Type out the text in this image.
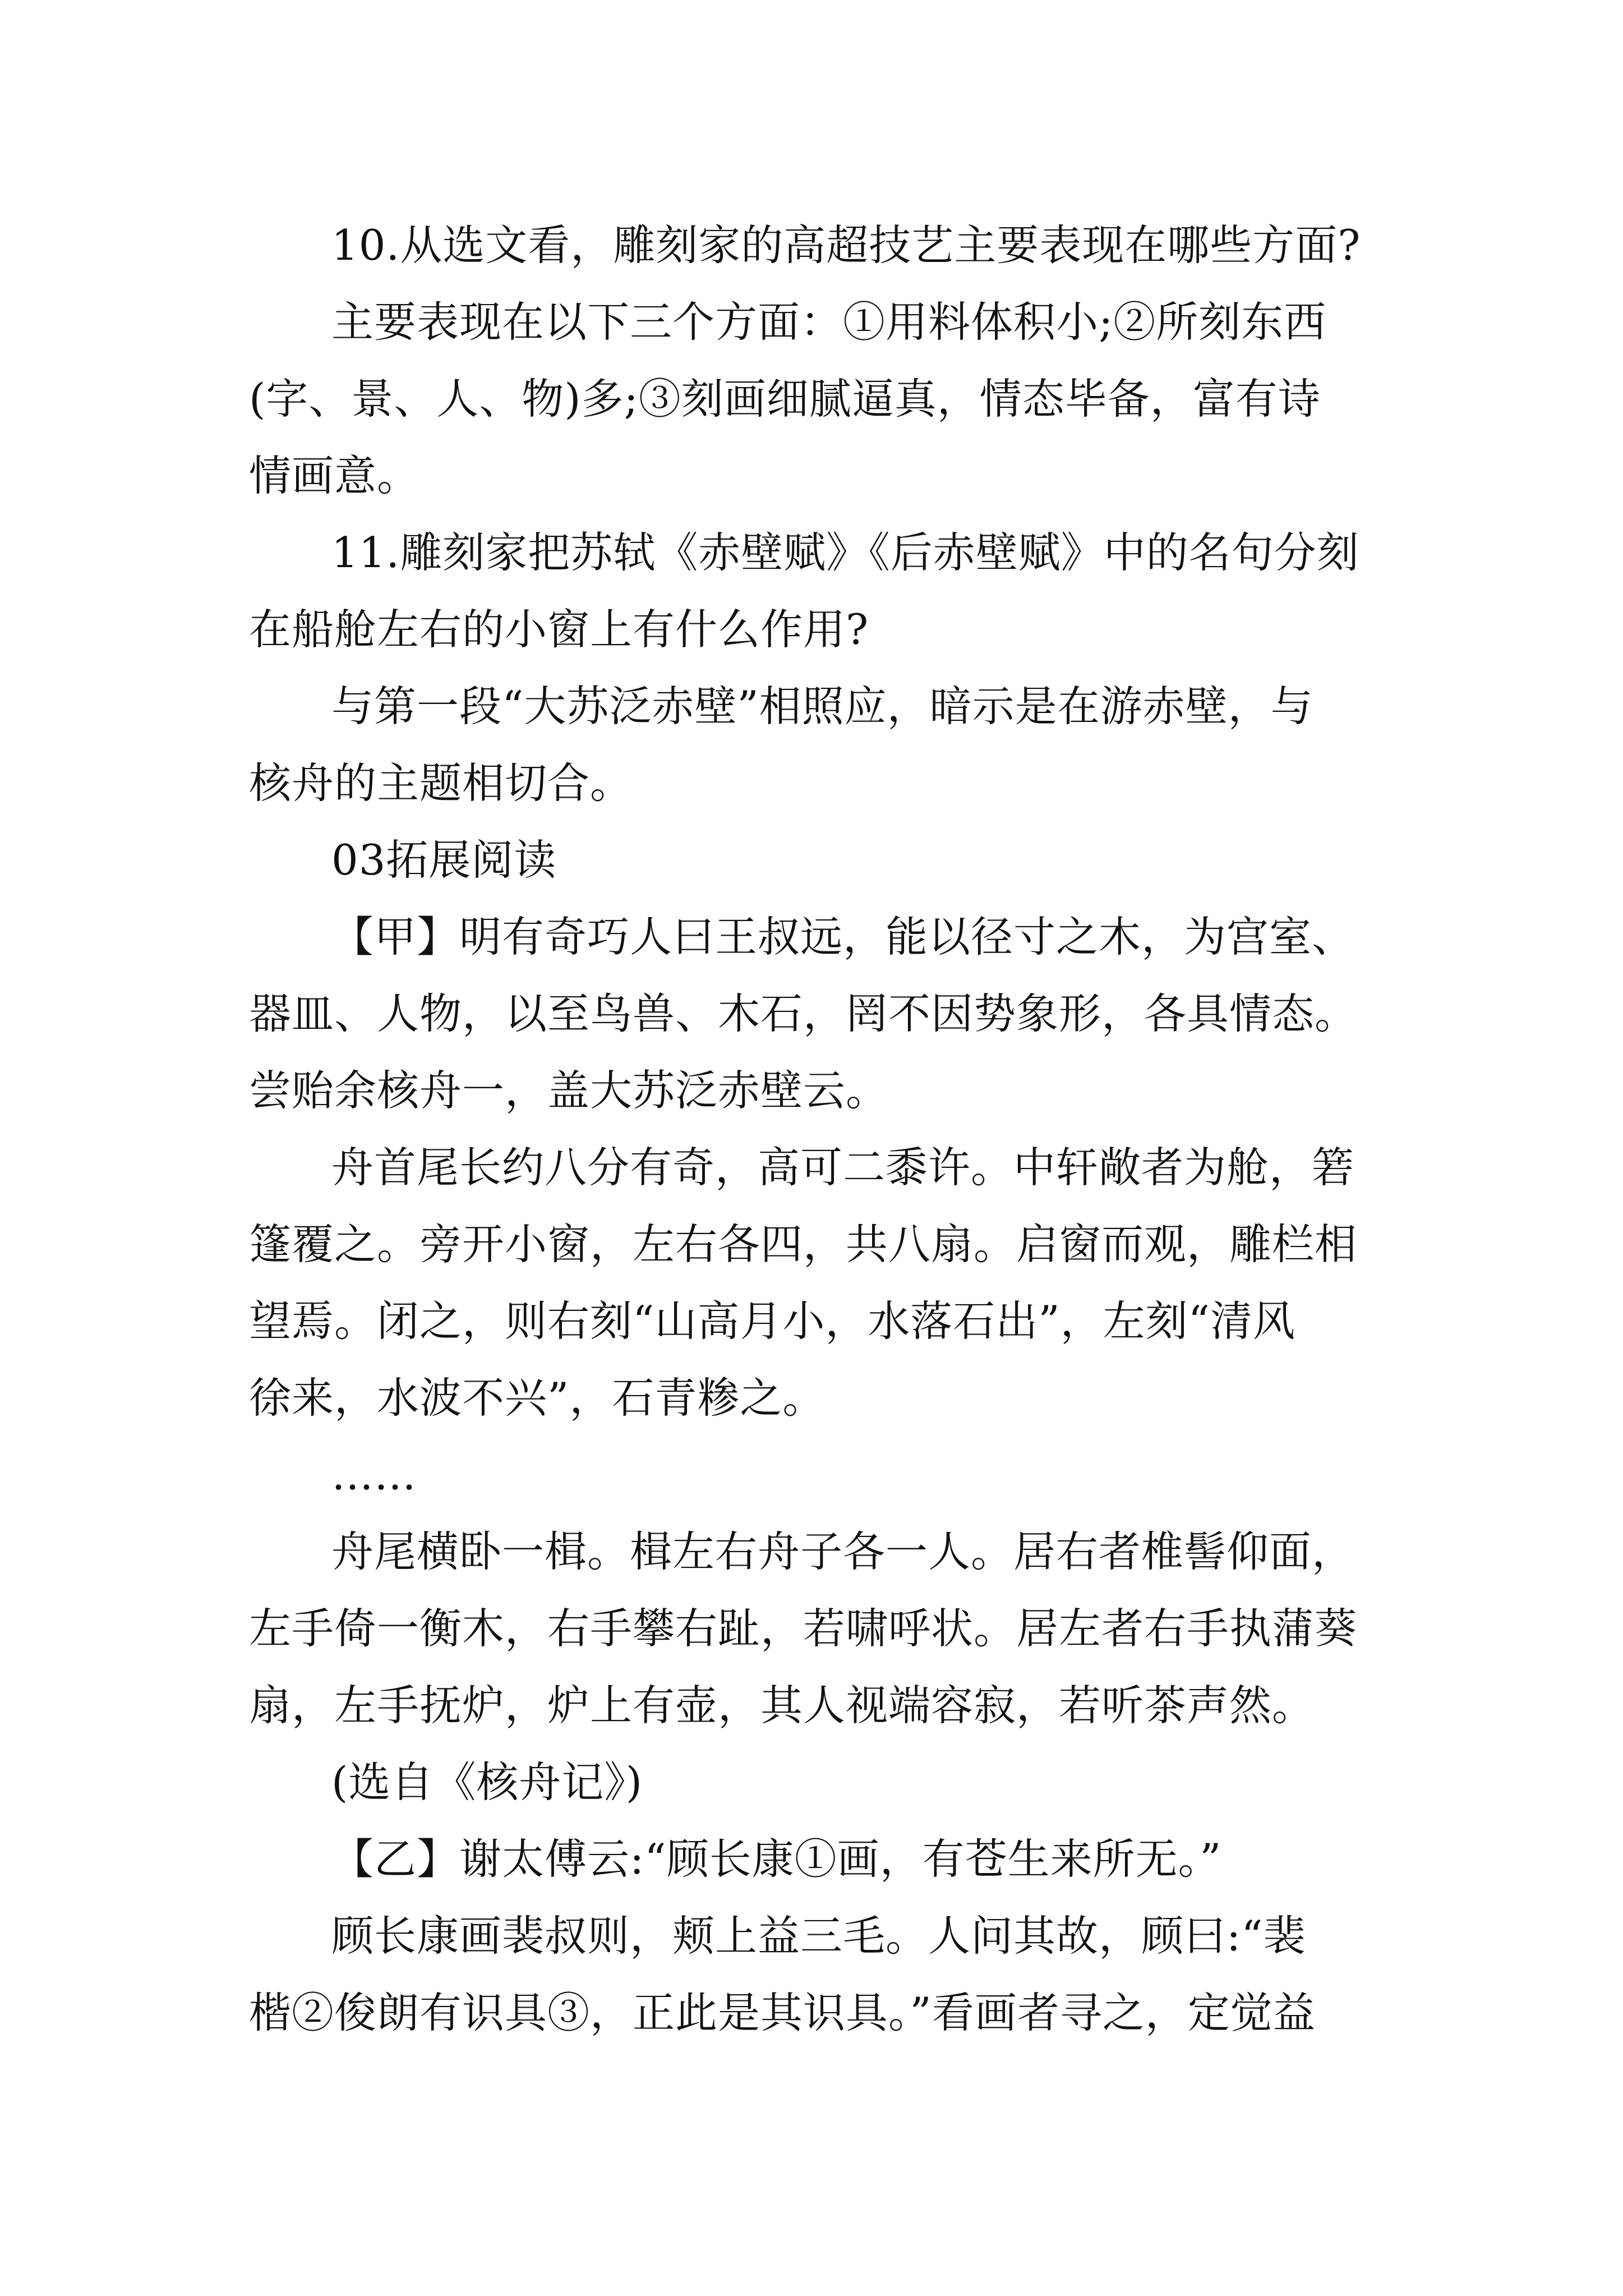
10.从选文看，雕刻家的高超技艺主要表现在哪些方面?
主要表现在以下三个方面：①用料体积小;②所刻东西
(字、景、人、物)多;③刻画细腻逼真，情态毕备，富有诗
情画意。
11.雕刻家把苏轼《赤壁赋》《后赤壁赋》中的名句分刻
在船舱左右的小窗上有什么作用?
与第一段“大苏泛赤壁”相照应，暗示是在游赤壁，与
核舟的主题相切合。
03拓展阅读
【甲】明有奇巧人曰王叔远，能以径寸之木，为宫室、
器皿、人物，以至鸟兽、木石，罔不因势象形，各具情态。
尝贻余核舟一，盖大苏泛赤壁云。
舟首尾长约八分有奇，高可二黍许。中轩敞者为舱，箬
篷覆之。旁开小窗，左右各四，共八扇。启窗而观，雕栏相
望焉。闭之，则右刻“山高月小，水落石出”，左刻“清风
徐来，水波不兴”，石青糁之。
……
舟尾横卧一楫。楫左右舟子各一人。居右者椎髻仰面，
左手倚一衡木，右手攀右趾，若啸呼状。居左者右手执蒲葵
扇，左手抚炉，炉上有壶，其人视端容寂，若听茶声然。
(选自《核舟记》)
【乙】谢太傅云:“顾长康①画，有苍生来所无。”
顾长康画裴叔则，颊上益三毛。人问其故，顾曰:“裴
楷②俊朗有识具③，正此是其识具。”看画者寻之，定觉益
